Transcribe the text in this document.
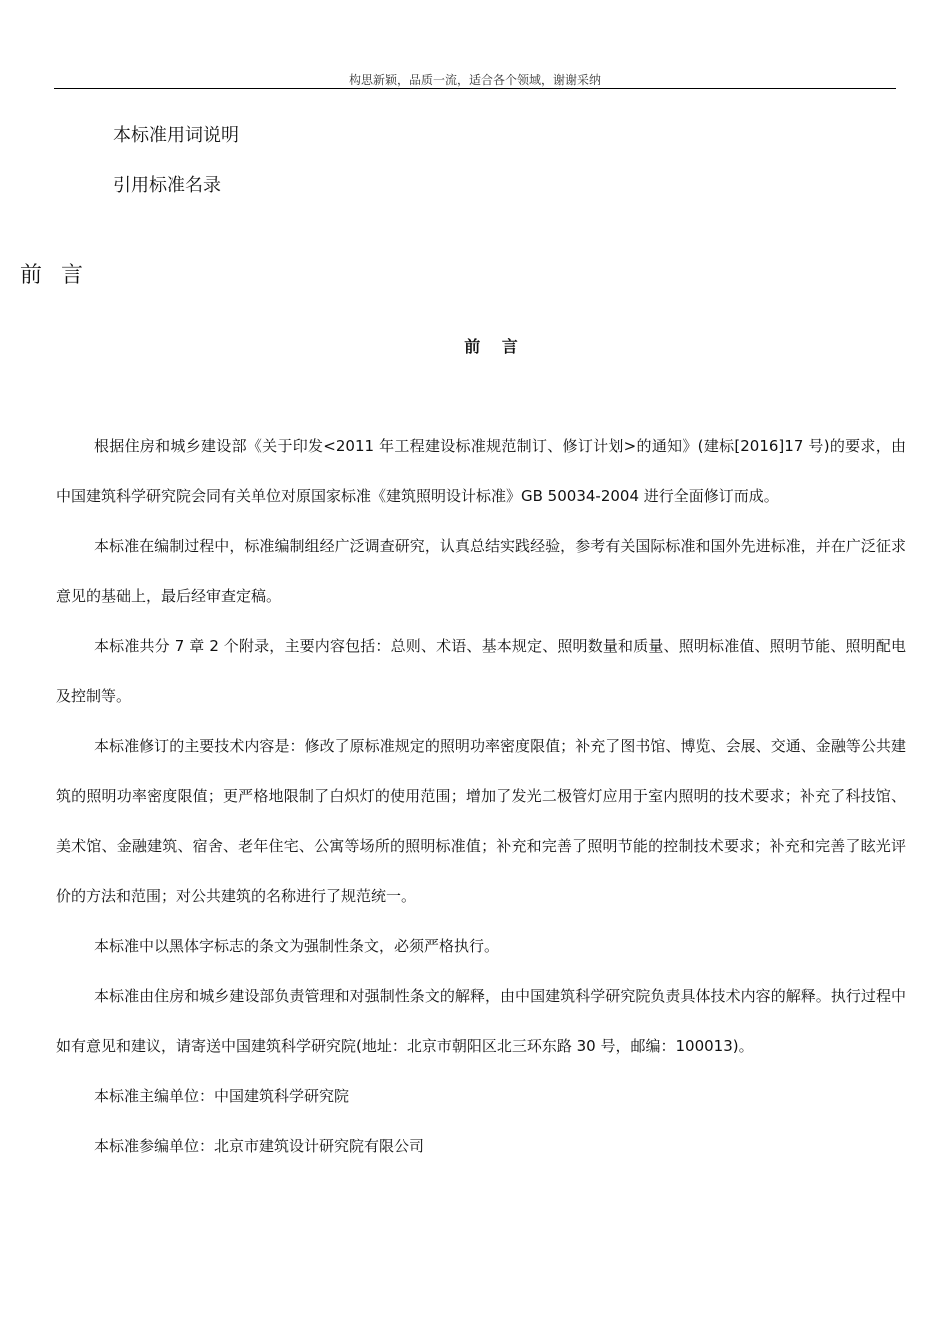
构思新颖，品质一流，适合各个领域，谢谢采纳
本标准用词说明
引用标准名录
前 言
前 言

根据住房和城乡建设部《关于印发<2011 年工程建设标准规范制订、修订计划>的通知》(建标[2016]17 号)的要求，由中国建筑科学研究院会同有关单位对原国家标准《建筑照明设计标准》GB 50034-2004 进行全面修订而成。

本标准在编制过程中，标准编制组经广泛调查研究，认真总结实践经验，参考有关国际标准和国外先进标准，并在广泛征求意见的基础上，最后经审查定稿。

本标准共分 7 章 2 个附录，主要内容包括：总则、术语、基本规定、照明数量和质量、照明标准值、照明节能、照明配电及控制等。

本标准修订的主要技术内容是：修改了原标准规定的照明功率密度限值；补充了图书馆、博览、会展、交通、金融等公共建筑的照明功率密度限值；更严格地限制了白炽灯的使用范围；增加了发光二极管灯应用于室内照明的技术要求；补充了科技馆、美术馆、金融建筑、宿舍、老年住宅、公寓等场所的照明标准值；补充和完善了照明节能的控制技术要求；补充和完善了眩光评价的方法和范围；对公共建筑的名称进行了规范统一。

本标准中以黑体字标志的条文为强制性条文，必须严格执行。

本标准由住房和城乡建设部负责管理和对强制性条文的解释，由中国建筑科学研究院负责具体技术内容的解释。执行过程中如有意见和建议，请寄送中国建筑科学研究院(地址：北京市朝阳区北三环东路 30 号，邮编：100013)。

本标准主编单位：中国建筑科学研究院

本标准参编单位：北京市建筑设计研究院有限公司
